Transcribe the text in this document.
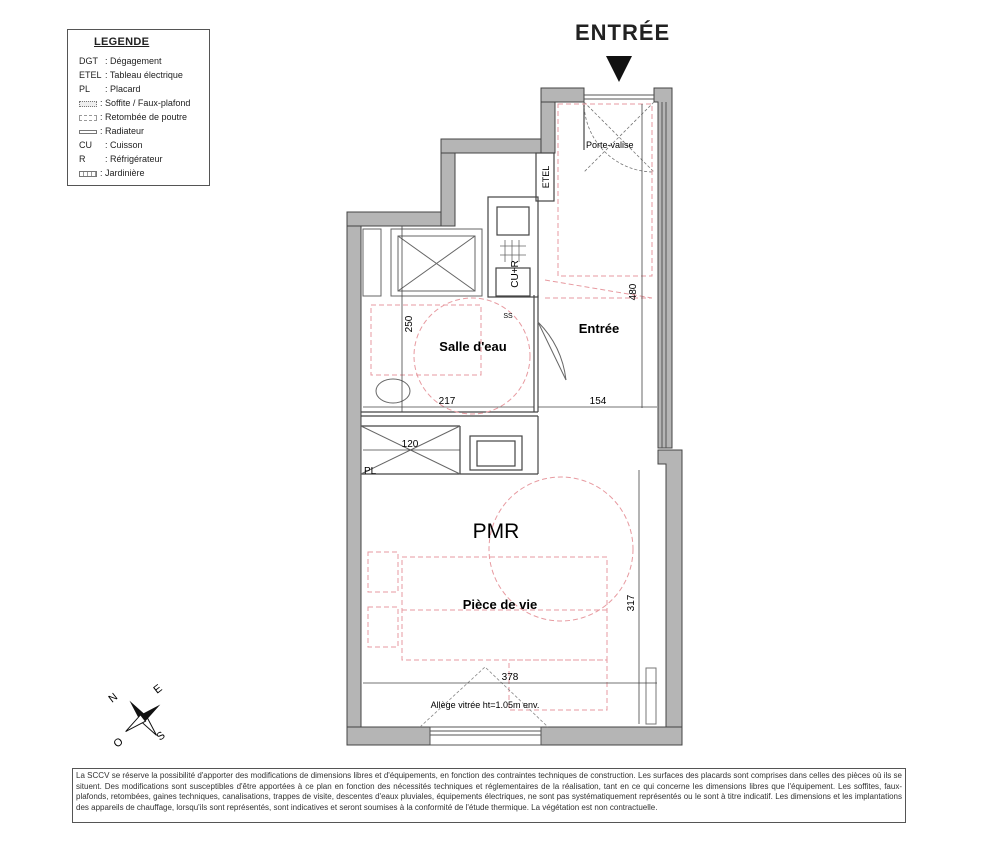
LEGENDE
DGT : Dégagement
ETEL : Tableau électrique
PL : Placard
: Soffite / Faux-plafond
: Retombée de poutre
: Radiateur
CU : Cuisson
R : Réfrigérateur
: Jardinière
ENTRÉE
480
250
217	154
120
317
378
Salle d'eau
Entrée
PMR
Pièce de vie
Porte-valise
ETEL
CU+R
SS
PL
Allège vitrée ht=1.05m env.
N
E
S
O
La SCCV se réserve la possibilité d'apporter des modifications de dimensions libres et d'équipements, en fonction des contraintes techniques de construction. Les surfaces des placards sont comprises dans celles des pièces où ils se situent. Des modifications sont susceptibles d'être apportées à ce plan en fonction des nécessités techniques et réglementaires de la réalisation, tant en ce qui concerne les dimensions libres que l'équipement. Les soffites, faux-plafonds, retombées, gaines techniques, canalisations, trappes de visite, descentes d'eaux pluviales, équipements électriques, ne sont pas systématiquement représentés ou le sont à titre indicatif. Les dimensions et les implantations des appareils de chauffage, lorsqu'ils sont représentés, sont indicatives et seront soumises à la conformité de l'étude thermique. La végétation est non contractuelle.
